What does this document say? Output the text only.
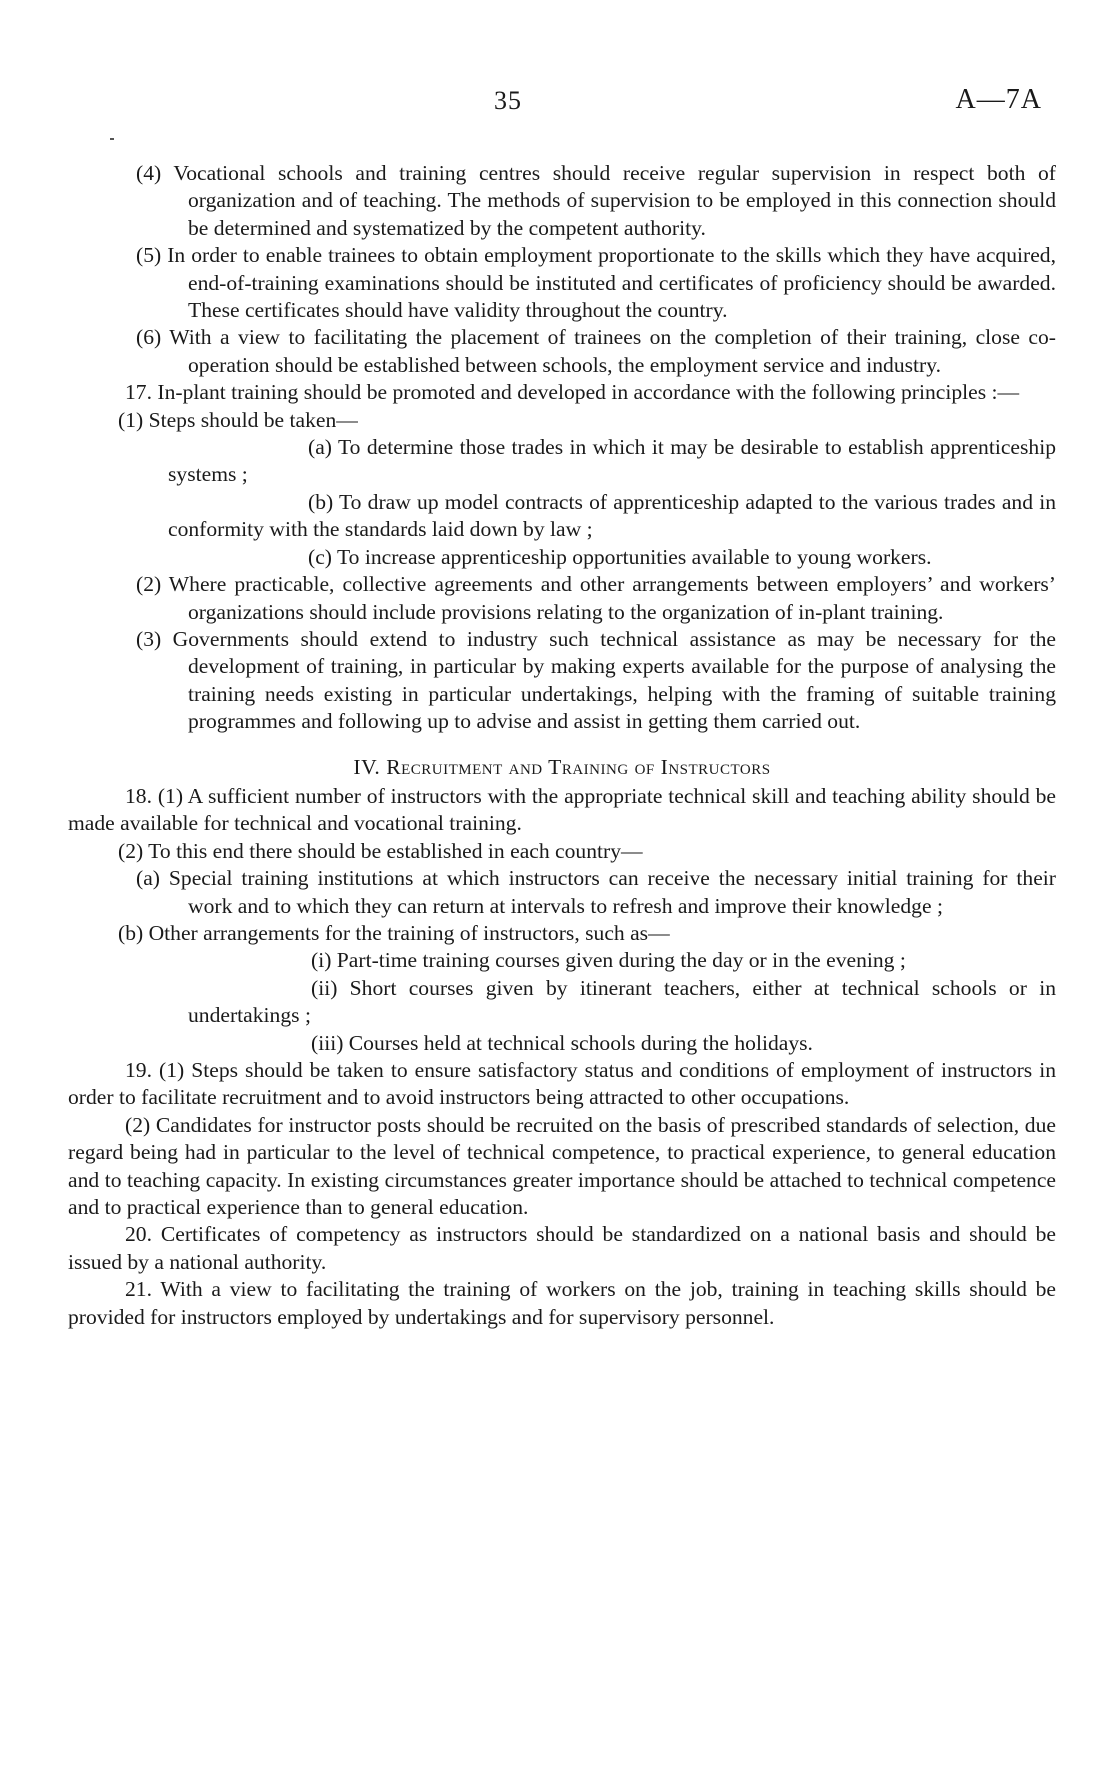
35	A—7A

(4) Vocational schools and training centres should receive regular supervision in respect both of organization and of teaching. The methods of supervision to be employed in this connection should be determined and systematized by the competent authority.

(5) In order to enable trainees to obtain employment proportionate to the skills which they have acquired, end-of-training examinations should be instituted and certificates of proficiency should be awarded. These certificates should have validity throughout the country.

(6) With a view to facilitating the placement of trainees on the completion of their training, close co-operation should be established between schools, the employment service and industry.

17. In-plant training should be promoted and developed in accordance with the following principles :—

(1) Steps should be taken—

(a) To determine those trades in which it may be desirable to establish apprenticeship systems ;

(b) To draw up model contracts of apprenticeship adapted to the various trades and in conformity with the standards laid down by law ;

(c) To increase apprenticeship opportunities available to young workers.

(2) Where practicable, collective agreements and other arrangements between employers’ and workers’ organizations should include provisions relating to the organization of in-plant training.

(3) Governments should extend to industry such technical assistance as may be necessary for the development of training, in particular by making experts available for the purpose of analysing the training needs existing in particular undertakings, helping with the framing of suitable training programmes and following up to advise and assist in getting them carried out.

IV. Recruitment and Training of Instructors

18. (1) A sufficient number of instructors with the appropriate technical skill and teaching ability should be made available for technical and vocational training.

(2) To this end there should be established in each country—

(a) Special training institutions at which instructors can receive the necessary initial training for their work and to which they can return at intervals to refresh and improve their knowledge ;

(b) Other arrangements for the training of instructors, such as—

(i) Part-time training courses given during the day or in the evening ;

(ii) Short courses given by itinerant teachers, either at technical schools or in undertakings ;

(iii) Courses held at technical schools during the holidays.

19. (1) Steps should be taken to ensure satisfactory status and conditions of employment of instructors in order to facilitate recruitment and to avoid instructors being attracted to other occupations.

(2) Candidates for instructor posts should be recruited on the basis of prescribed standards of selection, due regard being had in particular to the level of technical competence, to practical experience, to general education and to teaching capacity. In existing circumstances greater importance should be attached to technical competence and to practical experience than to general education.

20. Certificates of competency as instructors should be standardized on a national basis and should be issued by a national authority.

21. With a view to facilitating the training of workers on the job, training in teaching skills should be provided for instructors employed by undertakings and for supervisory personnel.
